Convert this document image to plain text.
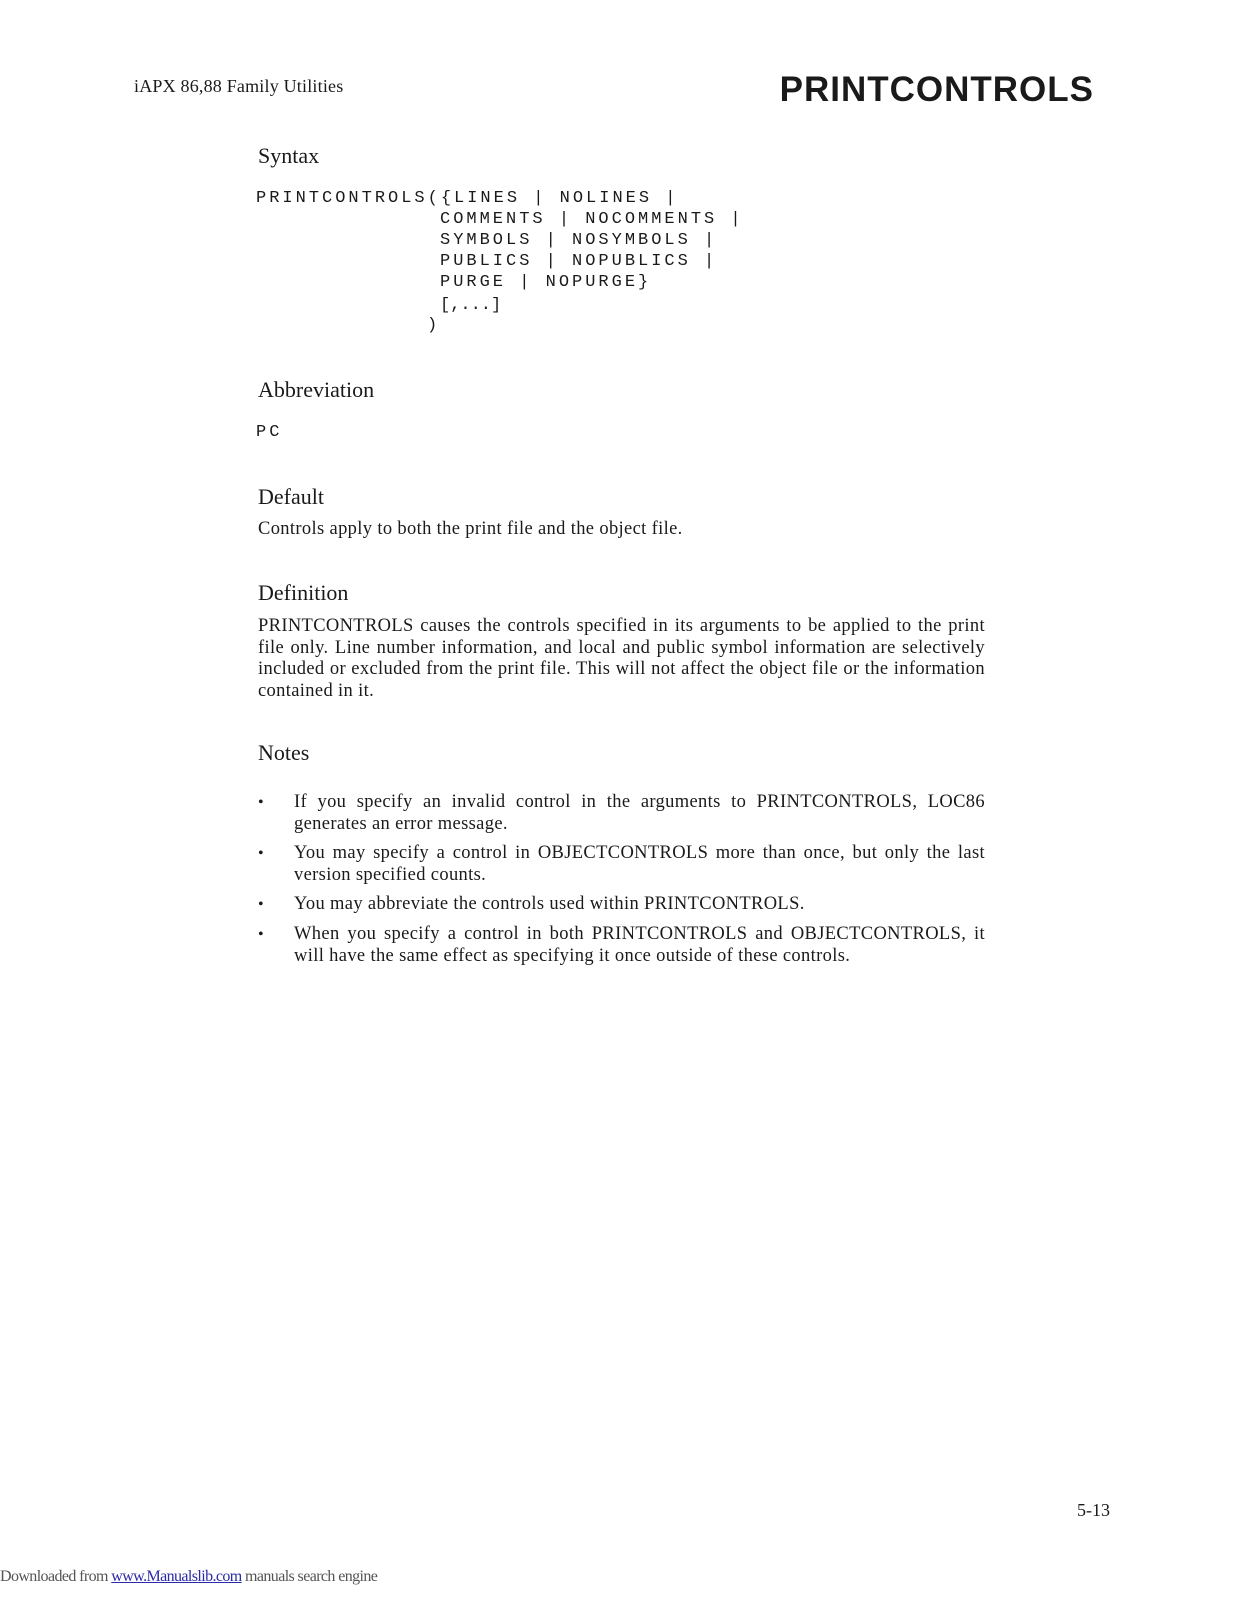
iAPX 86,88 Family Utilities	PRINTCONTROLS
Syntax
PRINTCONTROLS({LINES | NOLINES |
COMMENTS | NOCOMMENTS |
SYMBOLS | NOSYMBOLS |
PUBLICS | NOPUBLICS |
PURGE | NOPURGE}
[,...]
)
Abbreviation
PC
Default

Controls apply to both the print file and the object file.

Definition

PRINTCONTROLS causes the controls specified in its arguments to be applied to the print file only. Line number information, and local and public symbol information are selectively included or excluded from the print file. This will not affect the object file or the information contained in it.

Notes
• If you specify an invalid control in the arguments to PRINTCONTROLS, LOC86 generates an error message.
• You may specify a control in OBJECTCONTROLS more than once, but only the last version specified counts.
• You may abbreviate the controls used within PRINTCONTROLS.
• When you specify a control in both PRINTCONTROLS and OBJECTCONTROLS, it will have the same effect as specifying it once outside of these controls.
5-13
Downloaded from www.Manualslib.com manuals search engine
